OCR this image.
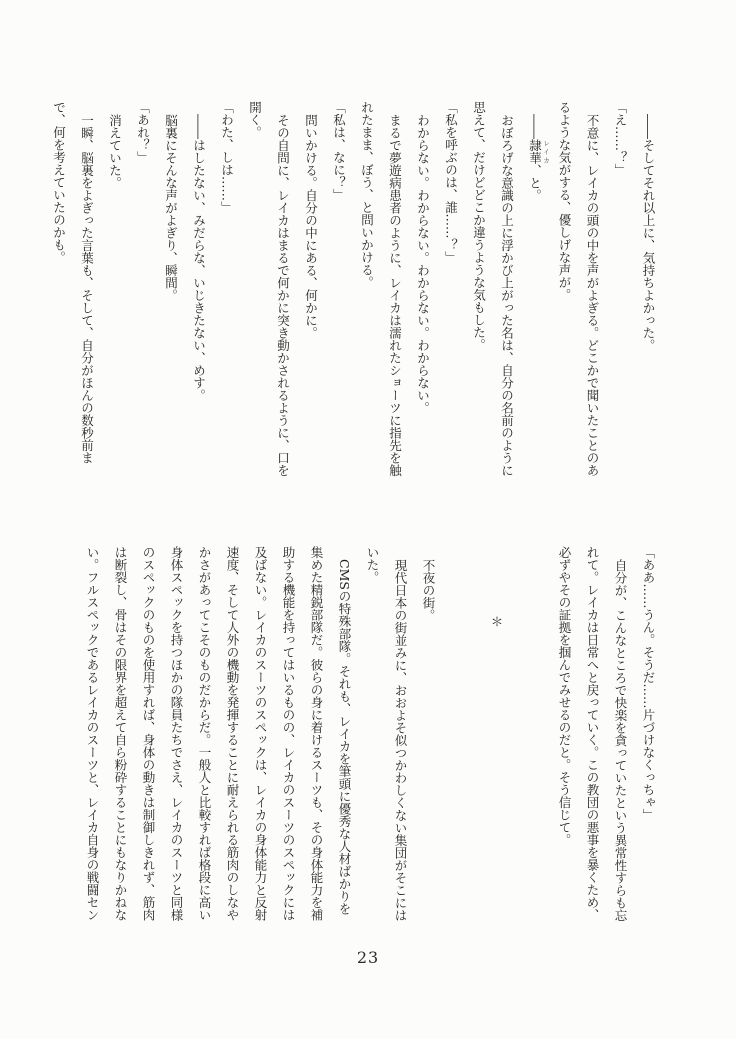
――そしてそれ以上に、気持ちよかった。

「え……？」

不意に、レイカの頭の中を声がよぎる。どこかで聞いたことのあるような気がする、優しげな声が。

――隷華 レイカ、と。

おぼろげな意識の上に浮かび上がった名は、自分の名前のように思えて、だけどどこか違うような気もした。

「私を呼ぶのは、誰……？」

わからない。わからない。わからない。わからない。

まるで夢遊病患者のように、レイカは濡れたショーツに指先を触れたまま、ぼう、と問いかける。

「私は、なに？」

問いかける。自分の中にある、何かに。

その自問に、レイカはまるで何かに突き動かされるように、口を開く。

「わた、しは……」

――はしたない、みだらな、いじきたない、めす。

脳裏にそんな声がよぎり、瞬間。

「あれ？」

消えていた。

一瞬、脳裏をよぎった言葉も、そして、自分がほんの数秒前まで、何を考えていたのかも。

「ああ……うん。そうだ……片づけなくっちゃ」

自分が、こんなところで快楽を貪っていたという異常性すらも忘れて。レイカは日常へと戻っていく。この教団の悪事を暴くため、必ずやその証拠を掴んでみせるのだと。そう信じて。

＊

不夜の街。

現代日本の街並みに、おおよそ似つかわしくない集団がそこにはいた。

CMSの特殊部隊。それも、レイカを筆頭に優秀な人材ばかりを集めた精鋭部隊だ。彼らの身に着けるスーツも、その身体能力を補助する機能を持ってはいるものの、レイカのスーツのスペックには及ばない。レイカのスーツのスペックは、レイカの身体能力と反射速度、そして人外の機動を発揮することに耐えられる筋肉のしなやかさがあってこそのものだからだ。一般人と比較すれば格段に高い身体スペックを持つほかの隊員たちでさえ、レイカのスーツと同様のスペックのものを使用すれば、身体の動きは制御しきれず、筋肉は断裂し、骨はその限界を超えて自ら粉砕することにもなりかねない。フルスペックであるレイカのスーツと、レイカ自身の戦闘セン

23
